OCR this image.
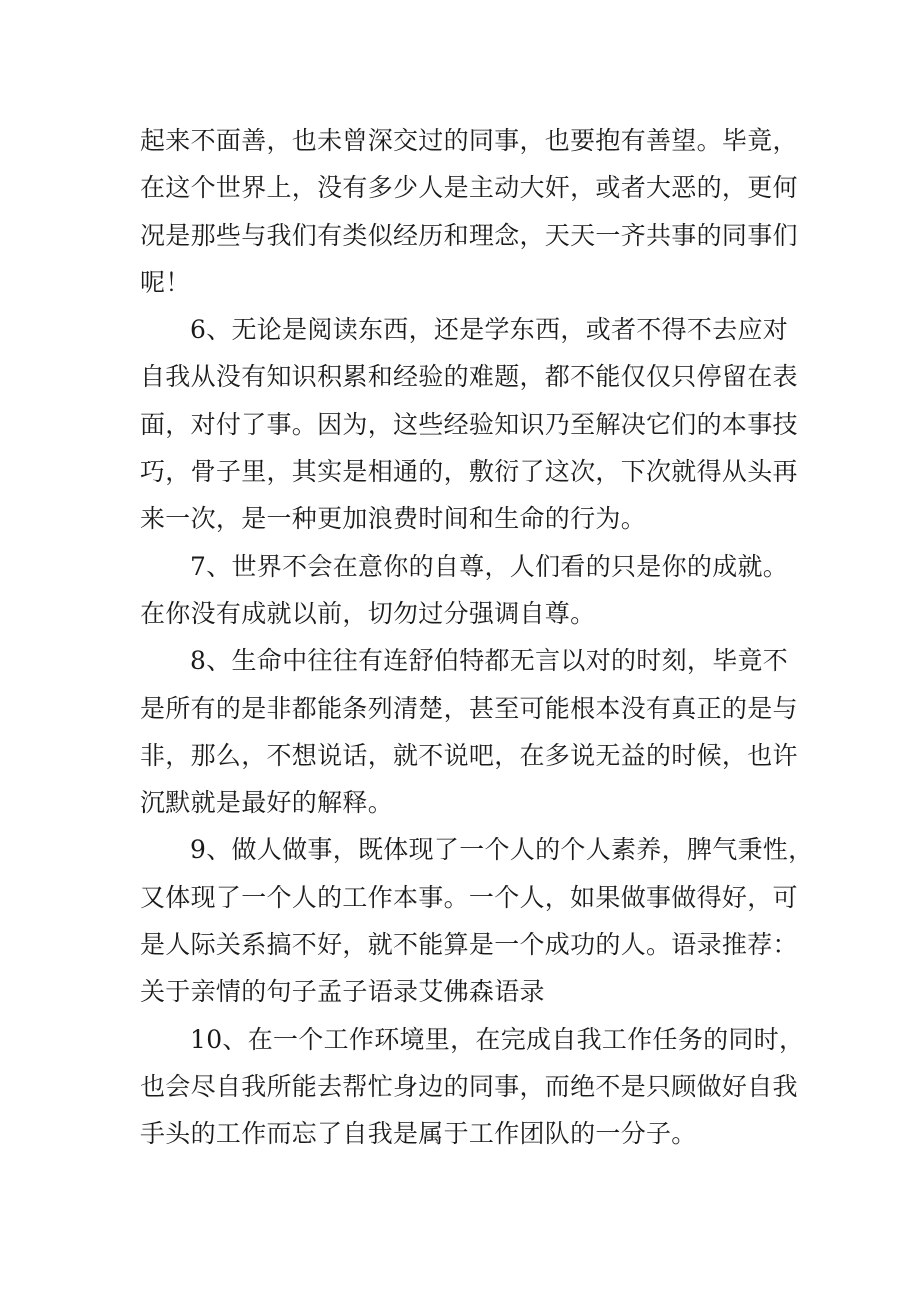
起来不面善，也未曾深交过的同事，也要抱有善望。毕竟，
在这个世界上，没有多少人是主动大奸，或者大恶的，更何
况是那些与我们有类似经历和理念，天天一齐共事的同事们
呢！
6、无论是阅读东西，还是学东西，或者不得不去应对
自我从没有知识积累和经验的难题，都不能仅仅只停留在表
面，对付了事。因为，这些经验知识乃至解决它们的本事技
巧，骨子里，其实是相通的，敷衍了这次，下次就得从头再
来一次，是一种更加浪费时间和生命的行为。
7、世界不会在意你的自尊，人们看的只是你的成就。
在你没有成就以前，切勿过分强调自尊。
8、生命中往往有连舒伯特都无言以对的时刻，毕竟不
是所有的是非都能条列清楚，甚至可能根本没有真正的是与
非，那么，不想说话，就不说吧，在多说无益的时候，也许
沉默就是最好的解释。
9、做人做事，既体现了一个人的个人素养，脾气秉性，
又体现了一个人的工作本事。一个人，如果做事做得好，可
是人际关系搞不好，就不能算是一个成功的人。语录推荐：
关于亲情的句子孟子语录艾佛森语录
10、在一个工作环境里，在完成自我工作任务的同时，
也会尽自我所能去帮忙身边的同事，而绝不是只顾做好自我
手头的工作而忘了自我是属于工作团队的一分子。
